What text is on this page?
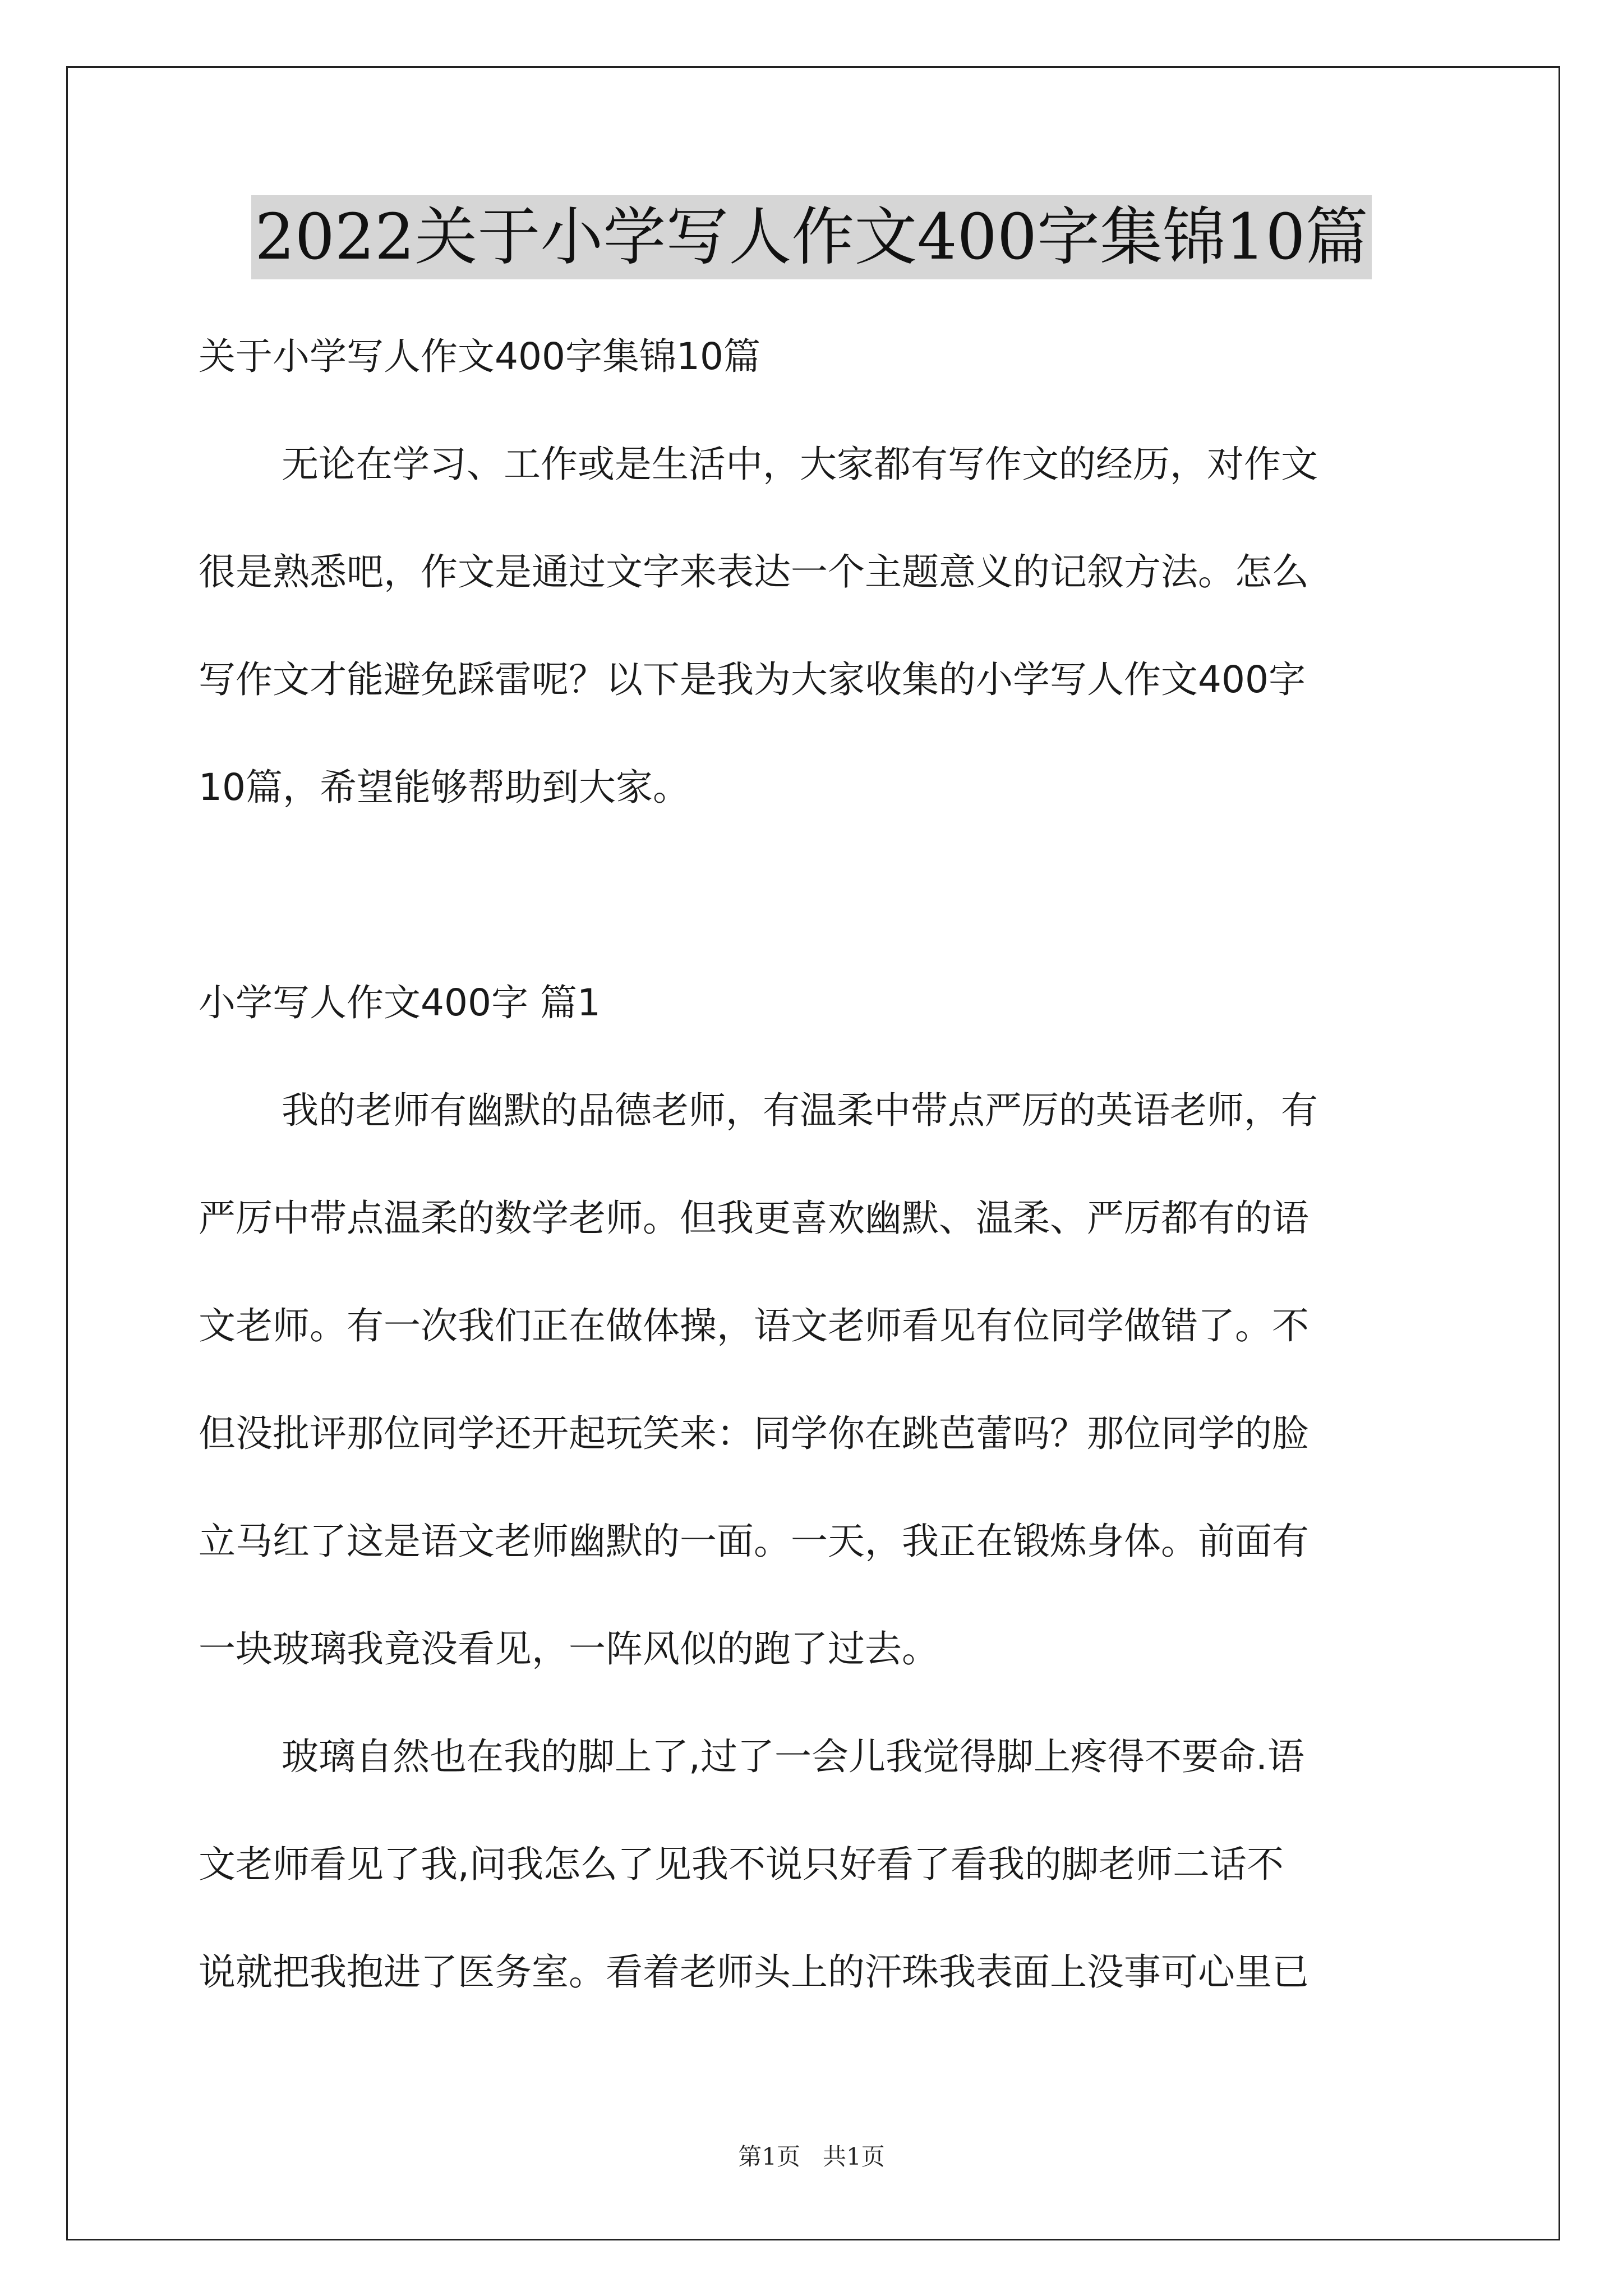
2022关于小学写人作文400字集锦10篇

关于小学写人作文400字集锦10篇

无论在学习、工作或是生活中，大家都有写作文的经历，对作文

很是熟悉吧，作文是通过文字来表达一个主题意义的记叙方法。怎么

写作文才能避免踩雷呢？以下是我为大家收集的小学写人作文400字

10篇，希望能够帮助到大家。

小学写人作文400字 篇1

我的老师有幽默的品德老师，有温柔中带点严厉的英语老师，有

严厉中带点温柔的数学老师。但我更喜欢幽默、温柔、严厉都有的语

文老师。有一次我们正在做体操，语文老师看见有位同学做错了。不

但没批评那位同学还开起玩笑来：同学你在跳芭蕾吗？那位同学的脸

立马红了这是语文老师幽默的一面。一天，我正在锻炼身体。前面有

一块玻璃我竟没看见，一阵风似的跑了过去。

玻璃自然也在我的脚上了,过了一会儿我觉得脚上疼得不要命.语

文老师看见了我,问我怎么了见我不说只好看了看我的脚老师二话不

说就把我抱进了医务室。看着老师头上的汗珠我表面上没事可心里已

第1页   共1页
